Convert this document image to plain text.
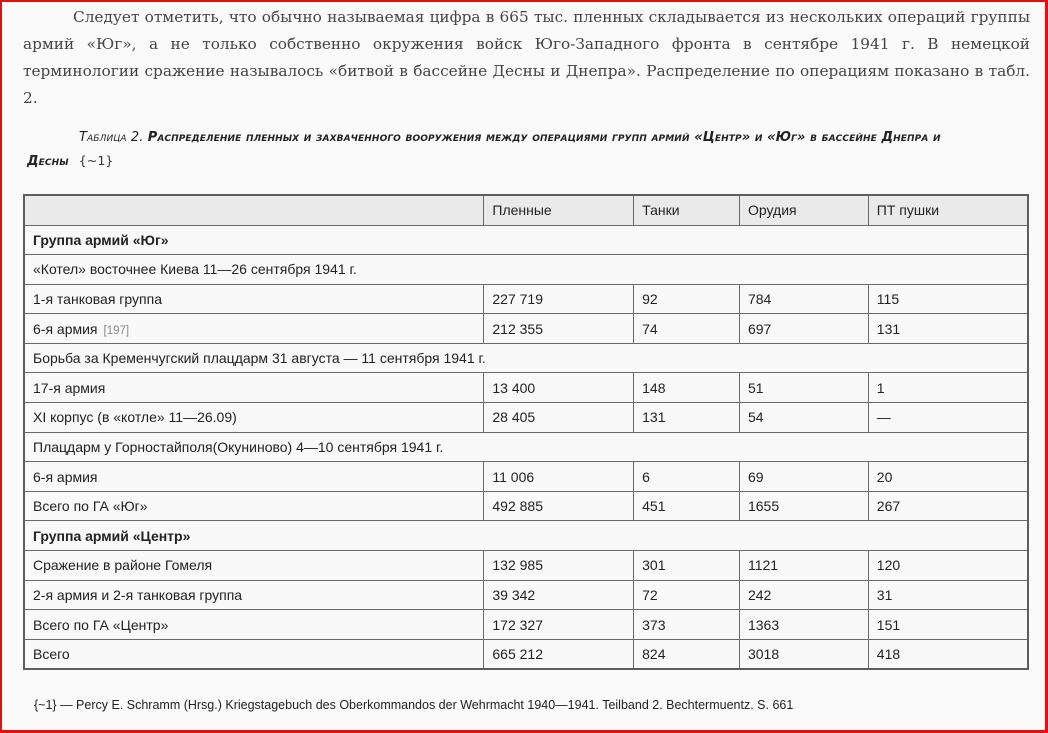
Следует отметить, что обычно называемая цифра в 665 тыс. пленных складывается из нескольких операций группы армий «Юг», а не только собственно окружения войск Юго-Западного фронта в сентябре 1941 г. В немецкой терминологии сражение называлось «битвой в бассейне Десны и Днепра». Распределение по операциям показано в табл. 2.

Таблица 2. Распределение пленных и захваченного вооружения между операциями групп армий «Центр» и «Юг» в бассейне Днепра и Десны {~1}
	Пленные	Танки	Орудия	ПТ пушки
Группа армий «Юг»				
«Котел» восточнее Киева 11—26 сентября 1941 г.				
1-я танковая группа	227 719	92	784	115
6-я армия [197]	212 355	74	697	131
Борьба за Кременчугский плацдарм 31 августа — 11 сентября 1941 г.				
17-я армия	13 400	148	51	1
XI корпус (в «котле» 11—26.09)	28 405	131	54	—
Плацдарм у Горностайполя(Окуниново) 4—10 сентября 1941 г.				
6-я армия	11 006	6	69	20
Всего по ГА «Юг»	492 885	451	1655	267
Группа армий «Центр»				
Сражение в районе Гомеля	132 985	301	1121	120
2-я армия и 2-я танковая группа	39 342	72	242	31
Всего по ГА «Центр»	172 327	373	1363	151
Всего	665 212	824	3018	418
{~1} — Percy E. Schramm (Hrsg.) Kriegstagebuch des Oberkommandos der Wehrmacht 1940—1941. Teilband 2. Bechtermuentz. S. 661
